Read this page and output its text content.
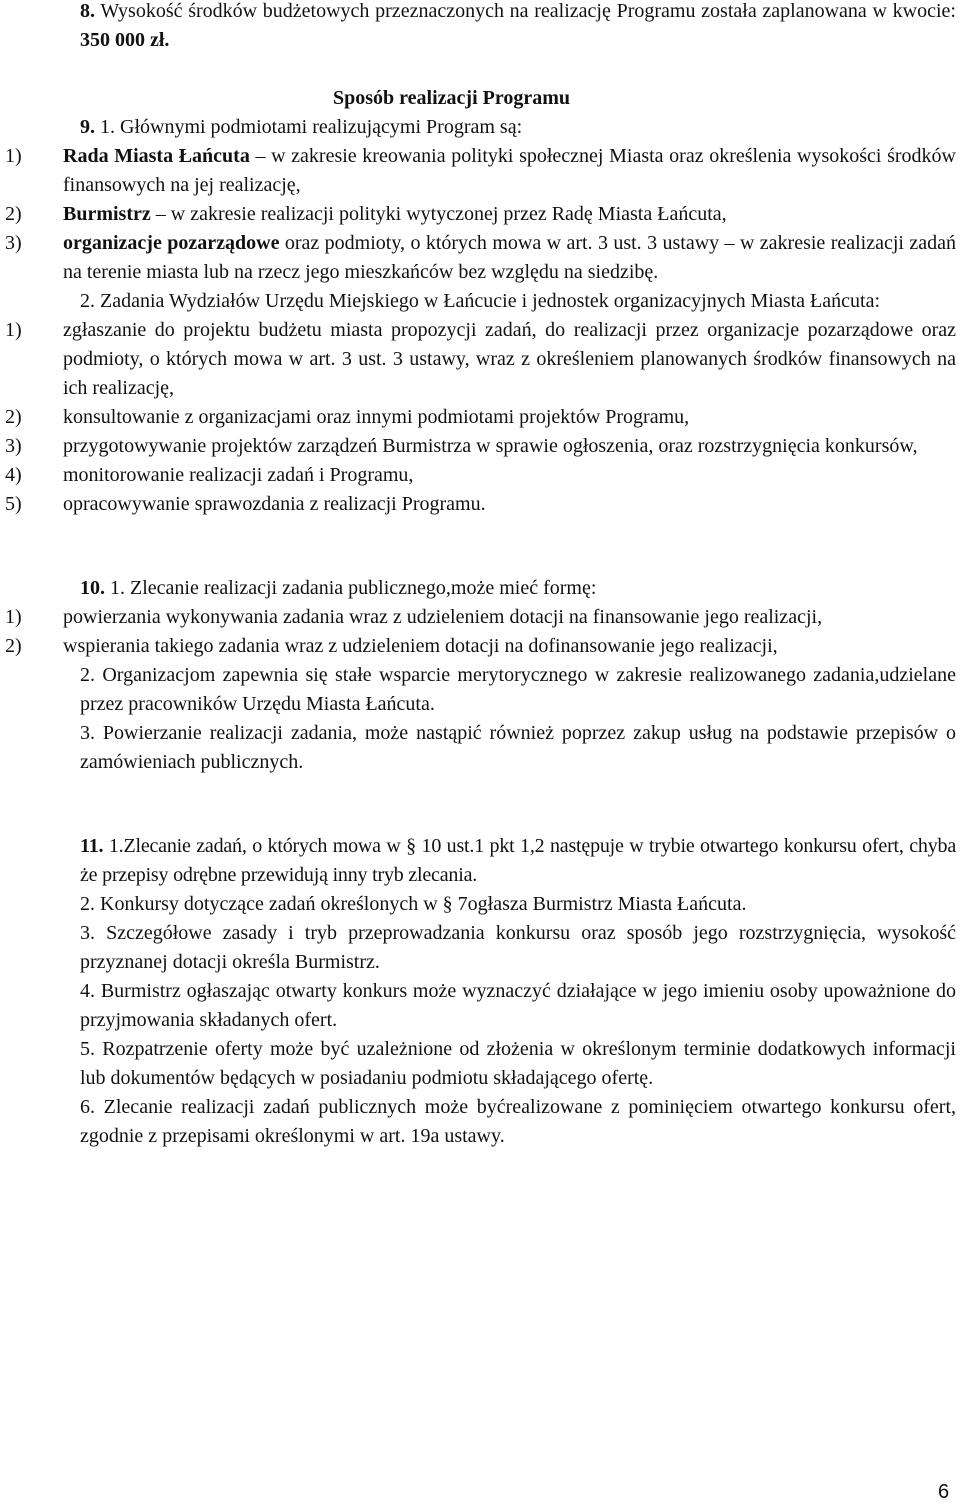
8. Wysokość środków budżetowych przeznaczonych na realizację Programu została zaplanowana w kwocie: 350 000 zł.

Sposób realizacji Programu

9. 1. Głównymi podmiotami realizującymi Program są:

1)	Rada Miasta Łańcuta – w zakresie kreowania polityki społecznej Miasta oraz określenia wysokości środków finansowych na jej realizację,
2)	Burmistrz – w zakresie realizacji polityki wytyczonej przez Radę Miasta Łańcuta,
3)	organizacje pozarządowe oraz podmioty, o których mowa w art. 3 ust. 3 ustawy – w zakresie realizacji zadań na terenie miasta lub na rzecz jego mieszkańców bez względu na siedzibę.

2. Zadania Wydziałów Urzędu Miejskiego w Łańcucie i jednostek organizacyjnych Miasta Łańcuta:

1)	zgłaszanie do projektu budżetu miasta propozycji zadań, do realizacji przez organizacje pozarządowe oraz podmioty, o których mowa w art. 3 ust. 3 ustawy, wraz z określeniem planowanych środków finansowych na ich realizację,
2)	konsultowanie z organizacjami oraz innymi podmiotami projektów Programu,
3)	przygotowywanie projektów zarządzeń Burmistrza w sprawie ogłoszenia, oraz rozstrzygnięcia konkursów,
4)	monitorowanie realizacji zadań i Programu,
5)	opracowywanie sprawozdania z realizacji Programu.

10. 1. Zlecanie realizacji zadania publicznego,może mieć formę:

1)	powierzania wykonywania zadania wraz z udzieleniem dotacji na finansowanie jego realizacji,
2)	wspierania takiego zadania wraz z udzieleniem dotacji na dofinansowanie jego realizacji,

2. Organizacjom zapewnia się stałe wsparcie merytorycznego w zakresie realizowanego zadania,udzielane przez pracowników Urzędu Miasta Łańcuta.

3. Powierzanie realizacji zadania, może nastąpić również poprzez zakup usług na podstawie przepisów o zamówieniach publicznych.

11. 1.Zlecanie zadań, o których mowa w § 10 ust.1 pkt 1,2 następuje w trybie otwartego konkursu ofert, chyba że przepisy odrębne przewidują inny tryb zlecania.

2. Konkursy dotyczące zadań określonych w § 7ogłasza Burmistrz Miasta Łańcuta.

3. Szczegółowe zasady i tryb przeprowadzania konkursu oraz sposób jego rozstrzygnięcia, wysokość przyznanej dotacji określa Burmistrz.

4. Burmistrz ogłaszając otwarty konkurs może wyznaczyć działające w jego imieniu osoby upoważnione do przyjmowania składanych ofert.

5. Rozpatrzenie oferty może być uzależnione od złożenia w określonym terminie dodatkowych informacji lub dokumentów będących w posiadaniu podmiotu składającego ofertę.

6. Zlecanie realizacji zadań publicznych może byćrealizowane z pominięciem otwartego konkursu ofert, zgodnie z przepisami określonymi w art. 19a ustawy.

6
